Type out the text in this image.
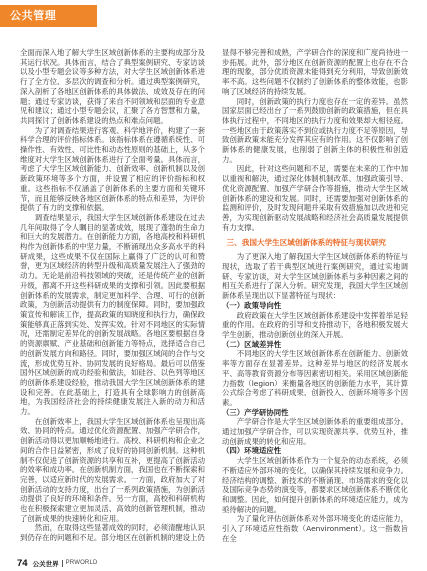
公共管理

全面而深入地了解大学生区域创新体系的主要构成部分及其运行状况。具体而言，结合了典型案例研究、专家访谈以及小型专题会议等多种方法，对大学生区域创新体系进行了全方位、多层次的调查和分析。通过典型案例研究，深入剖析了各地区创新体系的具体做法、成效及存在的问题；通过专家访谈，获得了来自不同领域和层面的专业意见和建议；通过小型专题会议，汇聚了各方智慧和力量，共同探讨了创新体系建设的热点和难点问题。

为了对调查结果进行客观、科学地评价，构建了一套科学合理的评价指标体系。该指标体系在遵循系统性、可操作性、有效性、可比性和动态性原则的基础上，从多个维度对大学生区域创新体系进行了全面考量。具体而言，考虑了大学生区域创新能力、创新效率、创新机制以及创新政策环境等多个方面，并设置了相应的评价指标和权重。这些指标不仅涵盖了创新体系的主要方面和关键环节，而且能够反映各地区创新体系的特点和差异，为评价提供了有力的支撑和依据。

调查结果显示，我国大学生区域创新体系建设在过去几年间取得了令人瞩目的显著成效，展现了蓬勃的生命力和巨大的发展潜力。在创新能力方面，各地高校和科研机构作为创新体系的中坚力量，不断涌现出众多高水平的科研成果，这些成果不仅在国际上赢得了广泛的认可和赞誉，更为区域经济的转型升级和高质量发展注入了强劲的动力。无论是前沿科技领域的突破，还是传统产业的创新升级，都离不开这些科研成果的支撑和引领。因此要根据创新体系的发展需求，制定更加科学、合理、可行的创新政策，为创新活动提供有力的制度保障。同时，要加强政策宣传和解读工作，提高政策的知晓度和执行力，确保政策能够真正落到实处、发挥实效。针对不同地区的实际情况，还需制定差异化的创新发展战略。各地区要根据自身的资源禀赋、产业基础和创新能力等特点，选择适合自己的创新发展方向和路径。同时，要加强区域间的合作与交流，形成优势互补、协同发展的良好格局。最后可以借鉴国外区域创新的成功经验和做法，如硅谷、以色列等地区的创新体系建设经验，推动我国大学生区域创新体系的建设和完善。在此基础上，打造具有全球影响力的创新高地，为我国经济社会的持续健康发展注入新的动力和活力。

在创新效率上，我国大学生区域创新体系也呈现出高效、协同的特点。通过优化资源配置、加强产学研合作，创新活动得以更加顺畅地进行。高校、科研机构和企业之间的合作日益紧密，形成了良好的协同创新机制。这种机制不仅促进了创新资源的共享和互补，更提高了创新活动的效率和成功率。在创新机制方面，我国也在不断探索和完善，以适应新时代的发展需求。一方面，政府加大了对创新活动的支持力度，出台了一系列政策措施，为创新活动提供了良好的环境和条件。另一方面，高校和科研机构也在积极探索建立更加灵活、高效的创新管理机制，推动了创新成果的快速转化和应用。

然而，在取得这些显著成效的同时，必须清醒地认识到仍存在的问题和不足。部分地区在创新机制的建设上仍

显得不够完善和成熟，产学研合作的深度和广度尚待进一步拓展。此外，部分地区在创新资源的配置上也存在不合理的现象，部分优质资源未能得到充分利用，导致创新效率不高。这些问题不仅制约了创新体系的整体效能，也影响了区域经济的持续发展。

同时，创新政策的执行力度也存在一定的差异。虽然国家层面已经出台了一系列鼓励创新的政策措施，但在具体执行过程中，不同地区的执行力度和效果却大相径庭。一些地区由于政策落实不到位或执行力度不足等原因，导致创新政策未能充分发挥其应有的作用。这不仅影响了创新体系的健康发展，也削弱了创新主体的积极性和创造力。

因此，针对这些问题和不足，需要在未来的工作中加以重视和解决，通过深化体制机制改革、加强政策引导、优化资源配置、加强产学研合作等措施，推动大学生区域创新体系的建设和发展。同时，还需要加强对创新体系的监测和评价，及时发现问题并采取有效措施加以改进和完善，为实现创新驱动发展战略和经济社会高质量发展提供有力支撑。

三、我国大学生区域创新体系的特征与现状研究

为了更深入地了解我国大学生区域创新体系的特征与现状，选取了若干典型区域进行案例研究，通过实地调研、专家访谈，对大学生区域创新体系与多种因素之间的相互关系进行了深入分析。研究发现，我国大学生区域创新体系呈现出以下显著特征与现状：

（一）政策导向性

政府政策在大学生区域创新体系建设中发挥着举足轻重的作用。在政府的引导和支持推动下，各地积极发展大学生创新，推动创新创业的深入开展。

（二）区域差异性

不同地区的大学生区域创新体系在创新能力、创新效率等方面存在显著差异。这种差异与地区的经济发展水平、高等教育资源分布等因素密切相关。采用区域创新能力指数（legion）来衡量各地区的创新能力水平，其计算公式综合考虑了科研成果、创新投入、创新环境等多个因素。

（三）产学研协同性

产学研合作是大学生区域创新体系的重要组成部分。通过加强产学研合作，可以实现资源共享、优势互补，推动创新成果的转化和应用。

（四）环境适应性

大学生区域创新体系作为一个复杂的动态系统，必须不断适应外部环境的变化，以确保其持续发展和竞争力。经济结构的调整、新技术的不断涌现、市场需求的变化以及国际竞争态势的演变等，都要求区域创新体系不断优化和调整。因此，如何提升创新体系的环境适应能力，成为亟待解决的问题。

为了量化评估创新体系对外部环境变化的适应能力，引入了环境适应性指数（Aenvironment）。这一指数旨在全

74 公关世界 PRWORLD
